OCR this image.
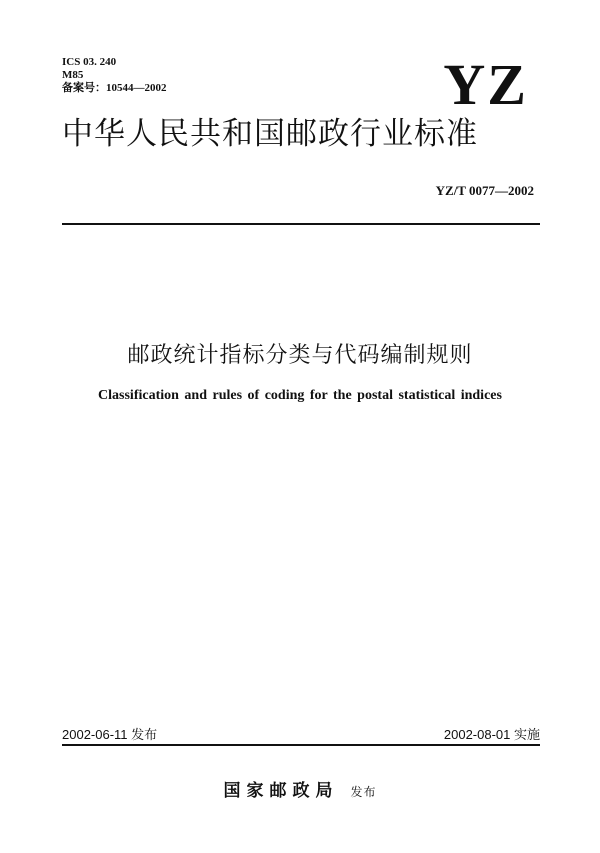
ICS 03. 240
M85
备案号：10544—2002	YZ
中华人民共和国邮政行业标准
YZ/T 0077—2002
邮政统计指标分类与代码编制规则
Classification and rules of coding for the postal statistical indices
2002-06-11 发布	2002-08-01 实施
国家邮政局 发布
